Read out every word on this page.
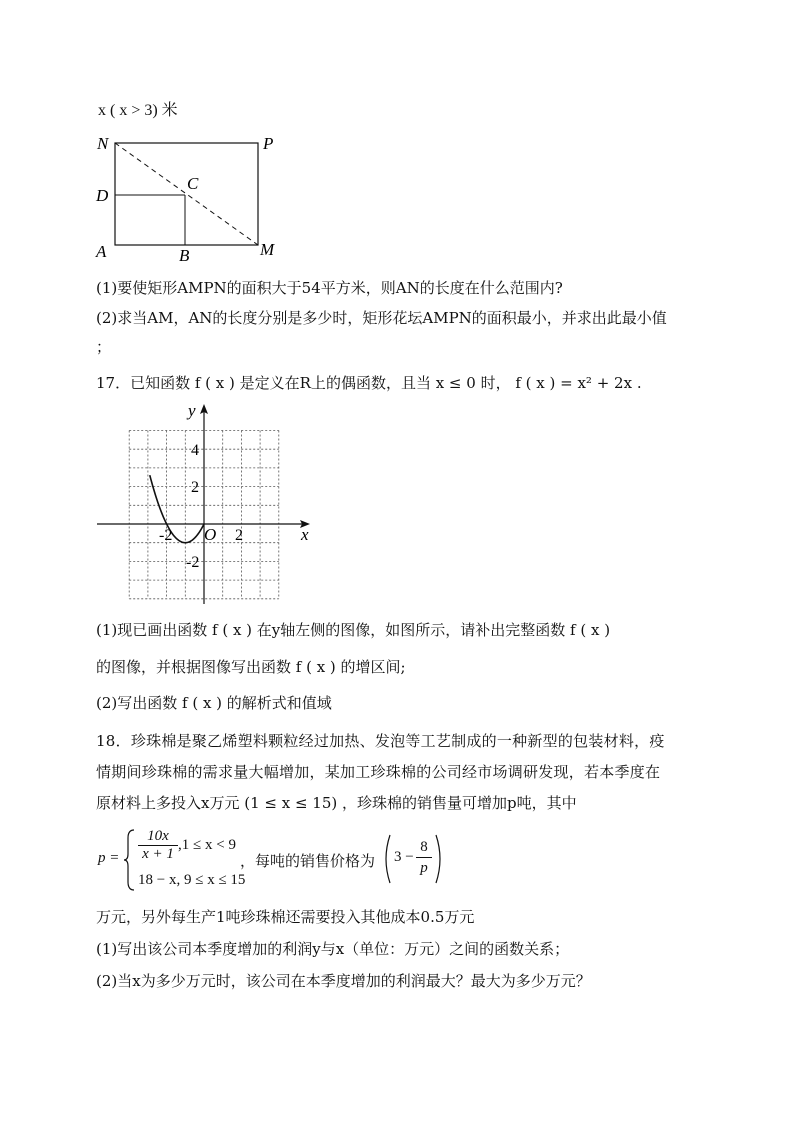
x ( x > 3) 米
N	P
D
C
A	B	M
(1)要使矩形AMPN的面积大于54平方米，则AN的长度在什么范围内?
(2)求当AM，AN的长度分别是多少时，矩形花坛AMPN的面积最小，并求出此最小值
；
17．已知函数 f ( x ) 是定义在R上的偶函数，且当 x ≤ 0 时， f ( x ) = x² + 2x .
x
y
4
2
-2
-2 O 2
(1)现已画出函数 f ( x ) 在y轴左侧的图像，如图所示，请补出完整函数 f ( x )
的图像，并根据图像写出函数 f ( x ) 的增区间;
(2)写出函数 f ( x ) 的解析式和值域
18．珍珠棉是聚乙烯塑料颗粒经过加热、发泡等工艺制成的一种新型的包装材料，疫
情期间珍珠棉的需求量大幅增加，某加工珍珠棉的公司经市场调研发现，若本季度在
原材料上多投入x万元 (1 ≤ x ≤ 15) ，珍珠棉的销售量可增加p吨，其中
$p = \frac{10x}{x + 1} ,1 \le x < 9$
18 − x, 9 ≤ x ≤ 15
，每吨的销售价格为 $3 - \frac{8}{p}$
万元，另外每生产1吨珍珠棉还需要投入其他成本0.5万元
(1)写出该公司本季度增加的利润y与x（单位：万元）之间的函数关系；
(2)当x为多少万元时，该公司在本季度增加的利润最大？最大为多少万元？
